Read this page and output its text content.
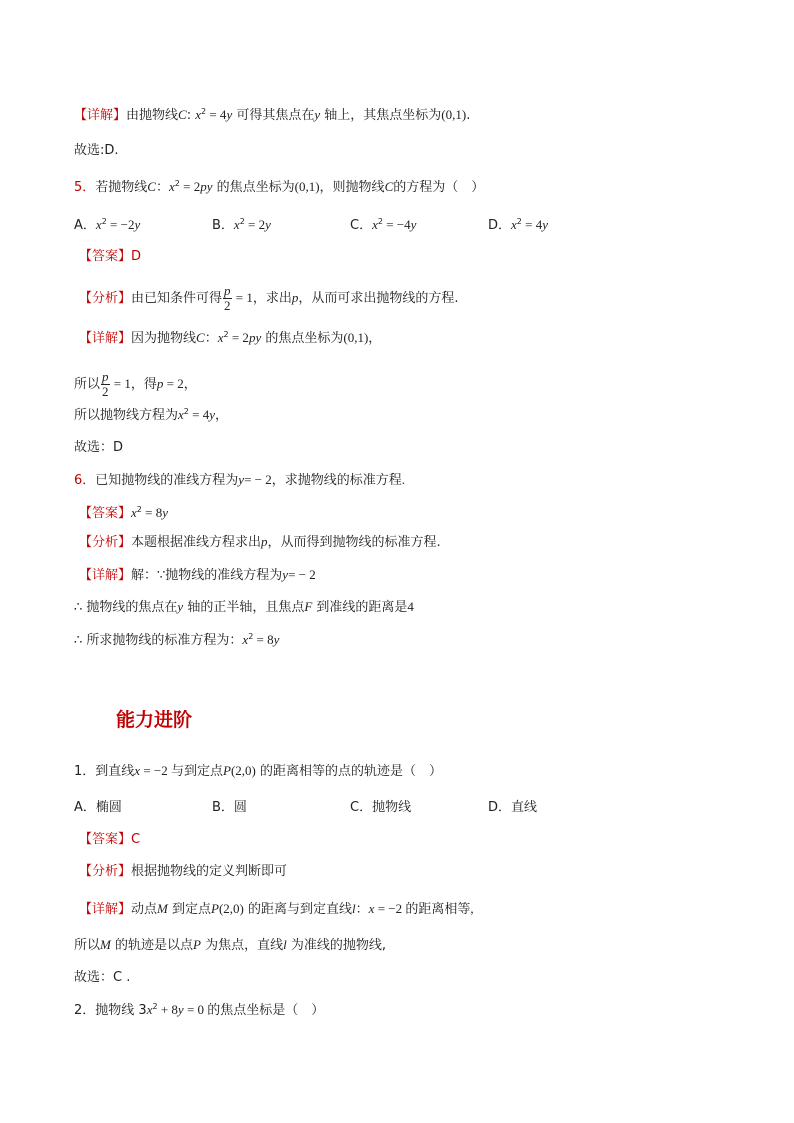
【详解】由抛物线C: $x^2 = 4y$ 可得其焦点在y 轴上，其焦点坐标为(0,1).
故选:D.
5．若抛物线C：$x^2 = 2py$ 的焦点坐标为(0,1)，则抛物线C的方程为（　）
A．$x^2 = -2y$	B．$x^2 = 2y$	C．$x^2 = -4y$	D．$x^2 = 4y$
【答案】D
【分析】由已知条件可得 $\frac{p}{2} = 1$，求出p，从而可求出抛物线的方程.
【详解】因为抛物线C：$x^2 = 2py$ 的焦点坐标为(0,1)，
所以 $\frac{p}{2} = 1$，得p = 2，
所以抛物线方程为$x^2 = 4y$，
故选：D
6．已知抛物线的准线方程为y= − 2，求抛物线的标准方程.
【答案】$x^2 = 8y$
【分析】本题根据准线方程求出p，从而得到抛物线的标准方程.
【详解】解：∵抛物线的准线方程为y= − 2
∴ 抛物线的焦点在y 轴的正半轴，且焦点F 到准线的距离是4
∴ 所求抛物线的标准方程为：$x^2 = 8y$
能力进阶
1．到直线x = −2 与到定点P(2,0) 的距离相等的点的轨迹是（　）
A．椭圆	B．圆	C．抛物线	D．直线
【答案】C
【分析】根据抛物线的定义判断即可
【详解】动点M 到定点P(2,0) 的距离与到定直线l：x = −2 的距离相等,
所以M 的轨迹是以点P 为焦点，直线l 为准线的抛物线,
故选：C .
2．抛物线 $3x^2 + 8y = 0$ 的焦点坐标是（　）
